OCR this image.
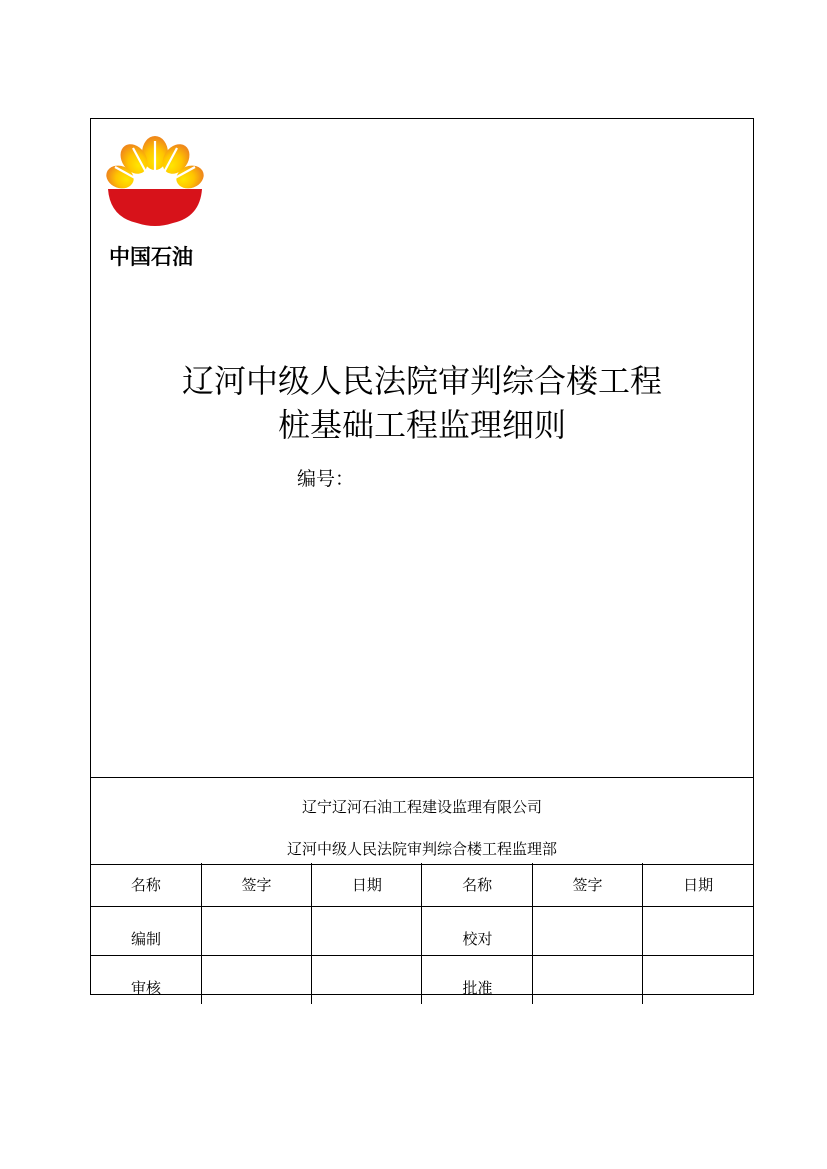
中国石油
辽河中级人民法院审判综合楼工程
桩基础工程监理细则
编号：
辽宁辽河石油工程建设监理有限公司
辽河中级人民法院审判综合楼工程监理部
名称	签字	日期	名称	签字	日期
编制			校对		
审核			批准		
